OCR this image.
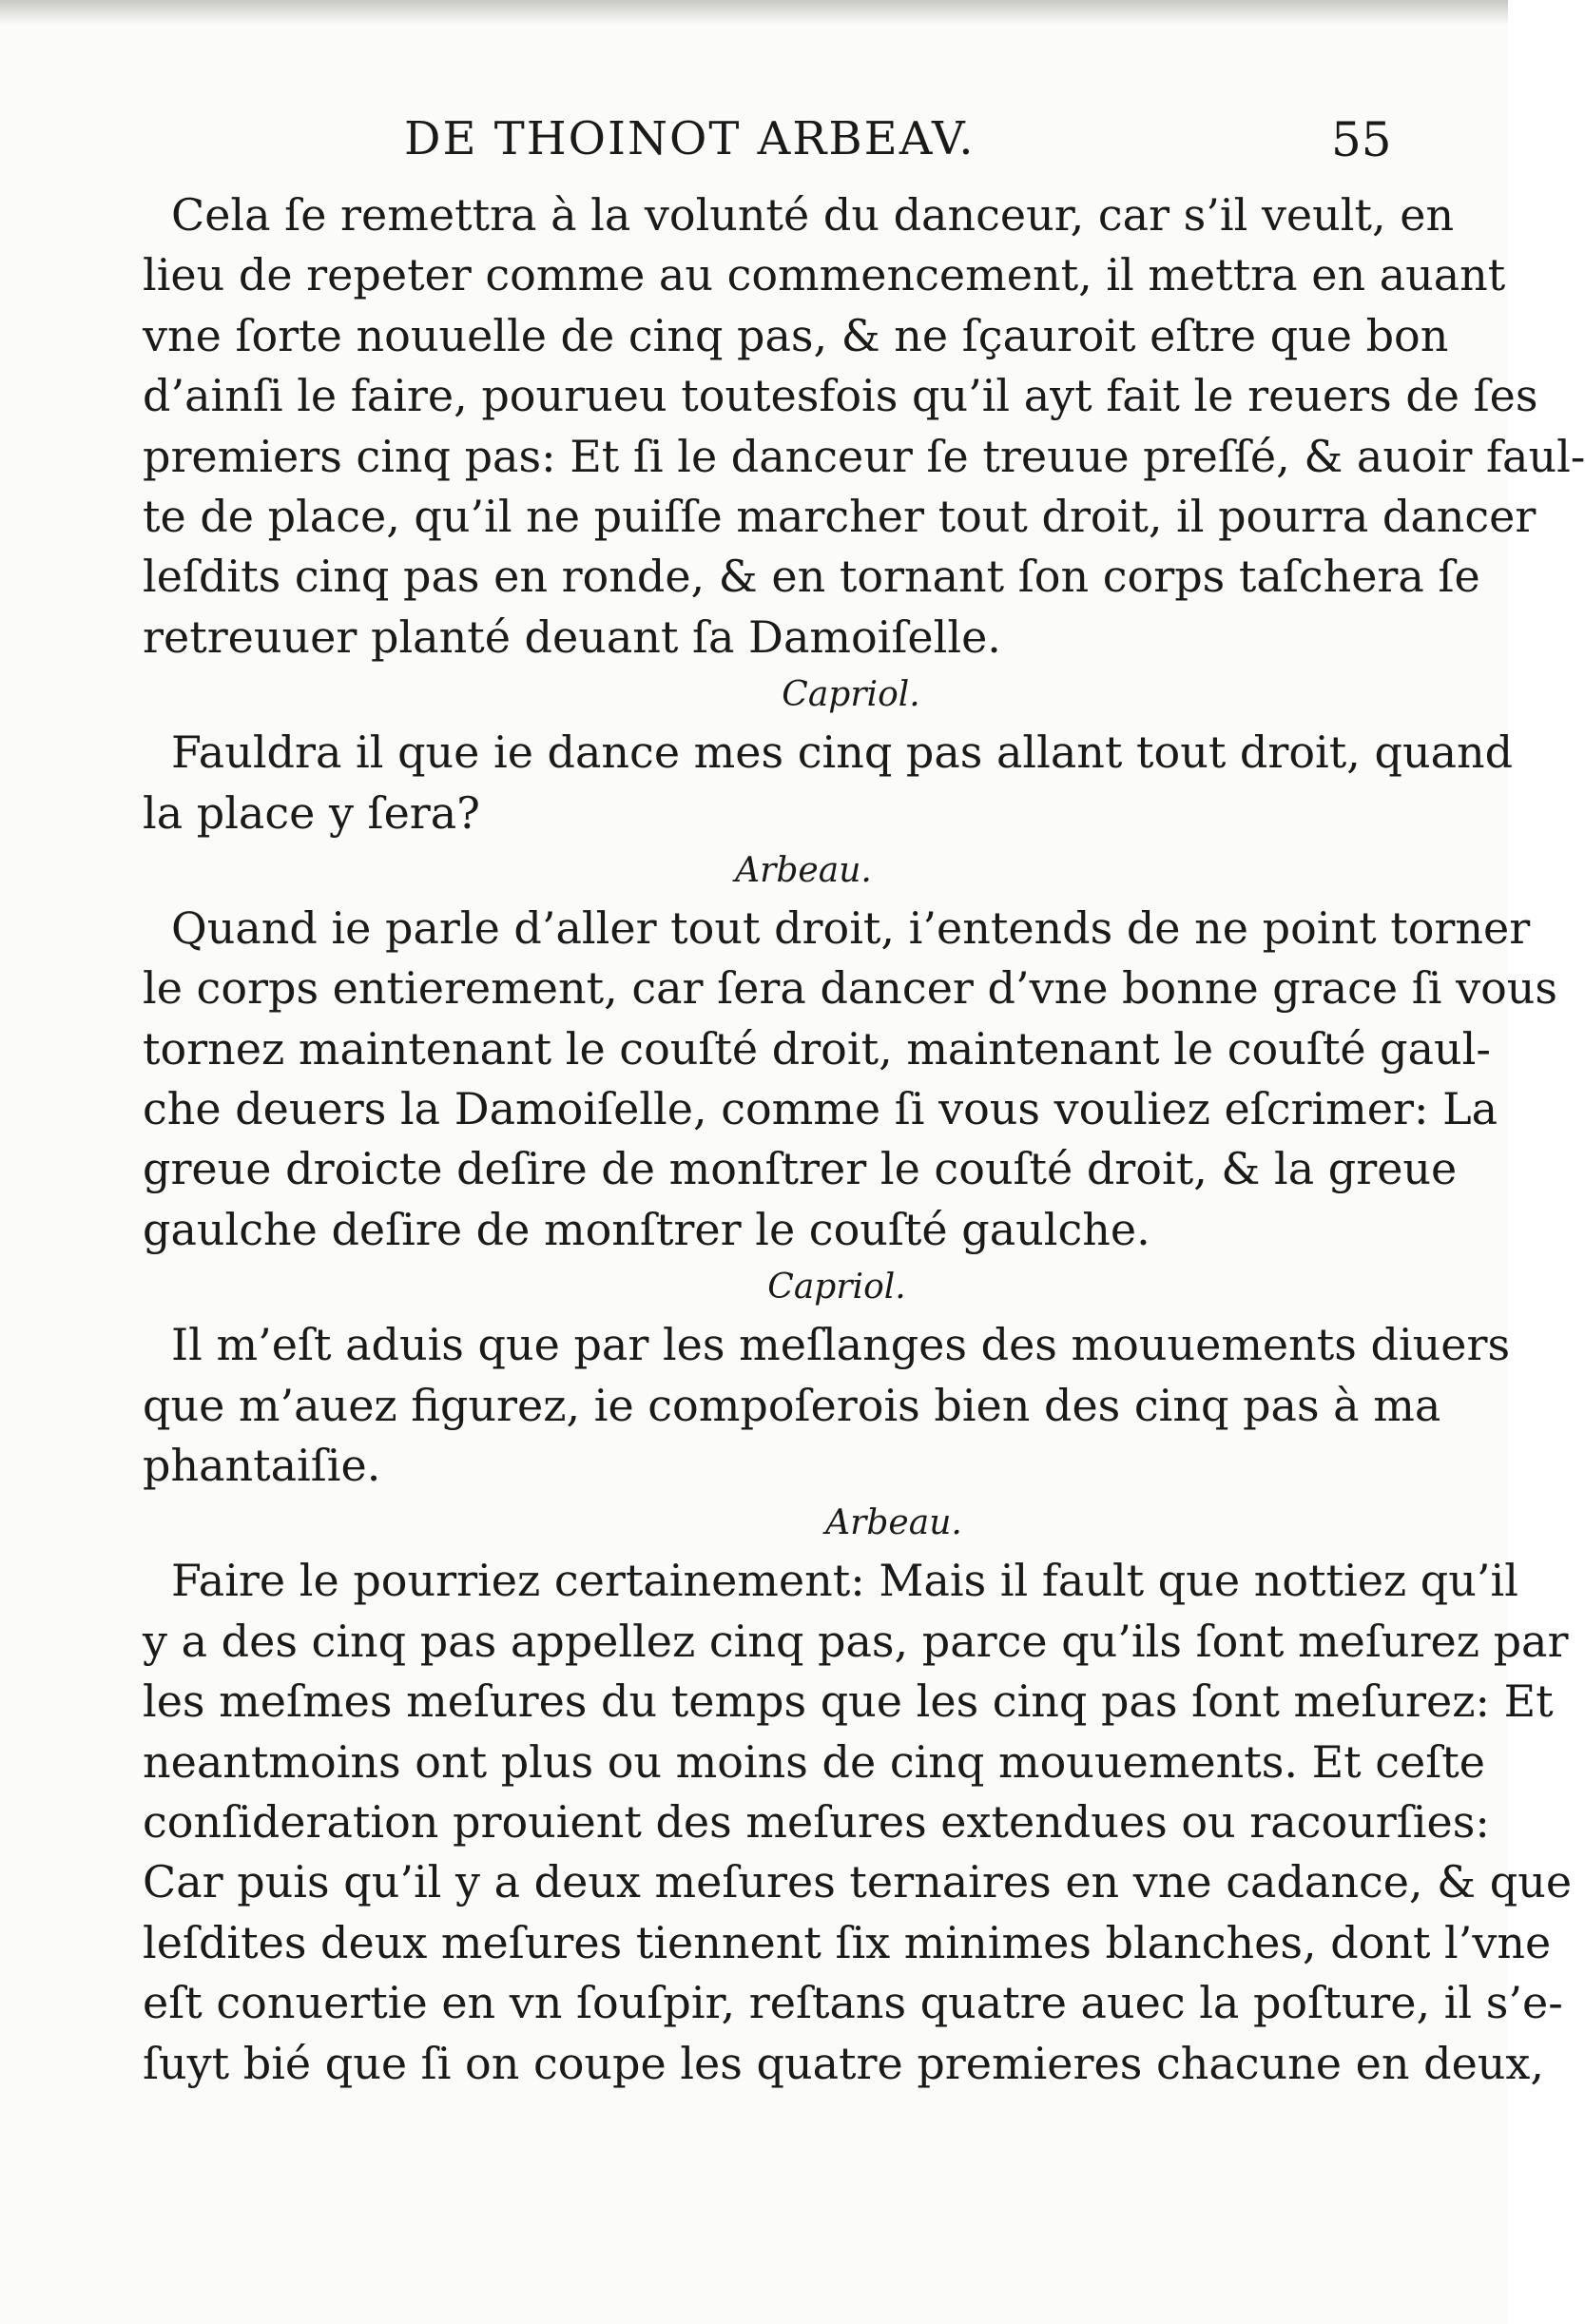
DE THOINOT ARBEAV.	55
Cela ſe remettra à la volunté du danceur, car s’il veult, en
lieu de repeter comme au commencement, il mettra en auant
vne ſorte nouuelle de cinq pas, & ne ſçauroit eſtre que bon
d’ainſi le faire, pourueu toutesfois qu’il ayt fait le reuers de ſes
premiers cinq pas: Et ſi le danceur ſe treuue preſſé, & auoir faul-
te de place, qu’il ne puiſſe marcher tout droit, il pourra dancer
leſdits cinq pas en ronde, & en tornant ſon corps taſchera ſe
retreuuer planté deuant ſa Damoiſelle.
Capriol.
Fauldra il que ie dance mes cinq pas allant tout droit, quand
la place y ſera?
Arbeau.
Quand ie parle d’aller tout droit, i’entends de ne point torner
le corps entierement, car ſera dancer d’vne bonne grace ſi vous
tornez maintenant le couſté droit, maintenant le couſté gaul-
che deuers la Damoiſelle, comme ſi vous vouliez eſcrimer: La
greue droicte deſire de monſtrer le couſté droit, & la greue
gaulche deſire de monſtrer le couſté gaulche.
Capriol.
Il m’eſt aduis que par les meſlanges des mouuements diuers
que m’auez figurez, ie compoſerois bien des cinq pas à ma
phantaiſie.
Arbeau.
Faire le pourriez certainement: Mais il fault que nottiez qu’il
y a des cinq pas appellez cinq pas, parce qu’ils ſont meſurez par
les meſmes meſures du temps que les cinq pas ſont meſurez: Et
neantmoins ont plus ou moins de cinq mouuements. Et ceſte
conſideration prouient des meſures extendues ou racourſies:
Car puis qu’il y a deux meſures ternaires en vne cadance, & que
leſdites deux meſures tiennent ſix minimes blanches, dont l’vne
eſt conuertie en vn ſouſpir, reſtans quatre auec la poſture, il s’e-
ſuyt bié que ſi on coupe les quatre premieres chacune en deux,
